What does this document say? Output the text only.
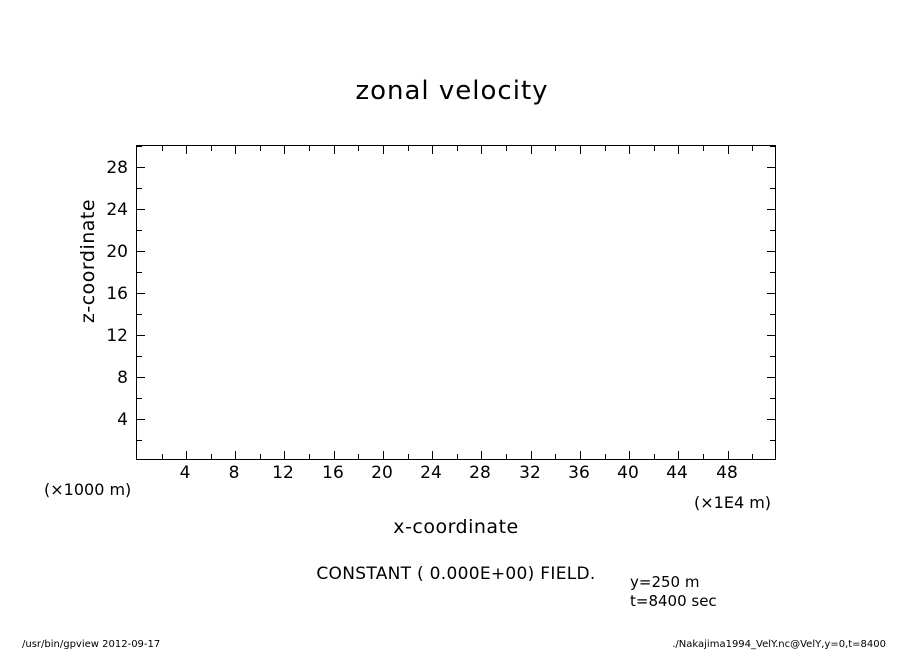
zonal velocity
4	8	12	16	20	24	28	32	36	40	44	48
4
8
12
16
20
24
28
z-coordinate
x-coordinate
(×1000 m)
(×1E4 m)
CONSTANT ( 0.000E+00) FIELD.	y=250 m
t=8400 sec
/usr/bin/gpview 2012-09-17	./Nakajima1994_VelY.nc@VelY,y=0,t=8400
